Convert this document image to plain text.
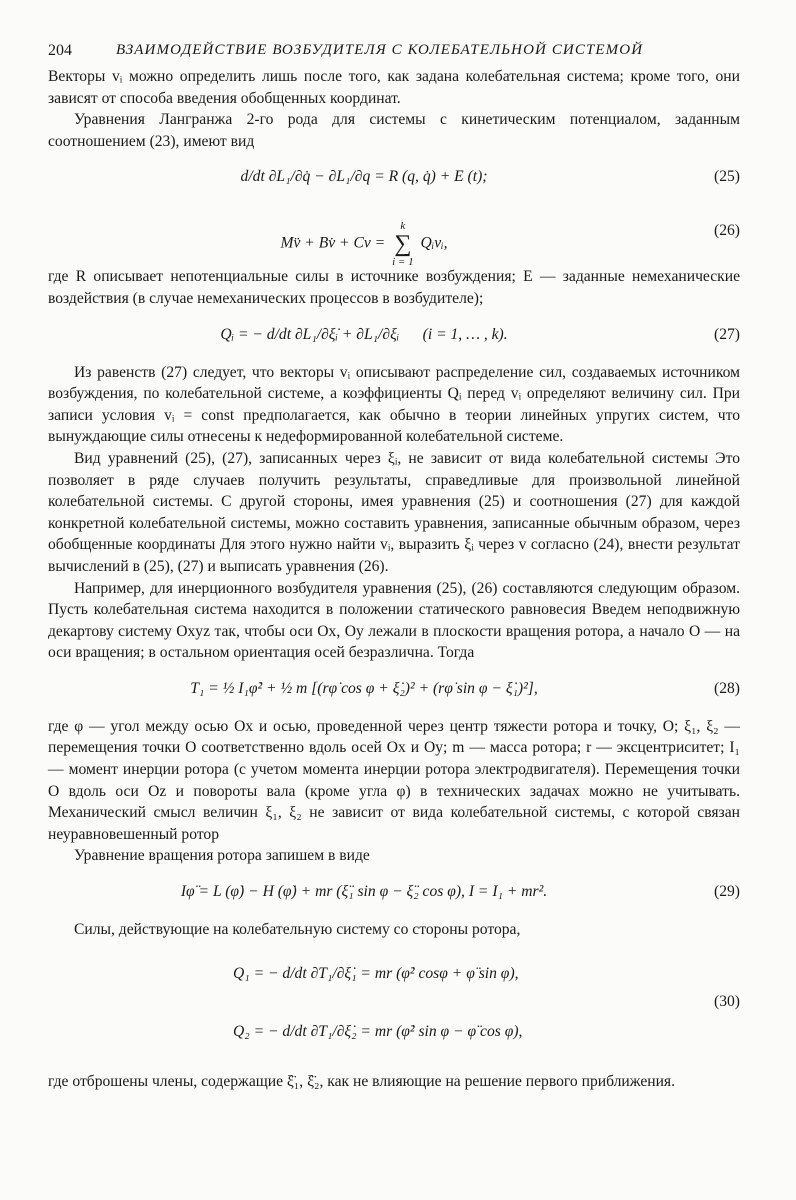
204	ВЗАИМОДЕЙСТВИЕ ВОЗБУДИТЕЛЯ С КОЛЕБАТЕЛЬНОЙ СИСТЕМОЙ

Векторы vᵢ можно определить лишь после того, как задана колебательная система; кроме того, они зависят от способа введения обобщенных координат.

Уравнения Лангранжа 2-го рода для системы с кинетическим потенциалом, заданным соотношением (23), имеют вид

d/dt ∂L₁/∂q̇ − ∂L₁/∂q = R (q, q̇) + E (t);	(25)
Mv̈ + Bv̇ + Cv =
k
∑
i = 1
Qᵢvᵢ,
(26)

где R описывает непотенциальные силы в источнике возбуждения; E — заданные немеханические воздействия (в случае немеханических процессов в возбудителе);

Qᵢ = − d/dt ∂L₁/∂ξ̇ᵢ + ∂L₁/∂ξᵢ (i = 1, … , k).	(27)

Из равенств (27) следует, что векторы vᵢ описывают распределение сил, создаваемых источником возбуждения, по колебательной системе, а коэффициенты Qᵢ перед vᵢ определяют величину сил. При записи условия vᵢ = const предполагается, как обычно в теории линейных упругих систем, что вынуждающие силы отнесены к недеформированной колебательной системе.

Вид уравнений (25), (27), записанных через ξᵢ, не зависит от вида колебательной системы Это позволяет в ряде случаев получить результаты, справедливые для произвольной линейной колебательной системы. С другой стороны, имея уравнения (25) и соотношения (27) для каждой конкретной колебательной системы, можно составить уравнения, записанные обычным образом, через обобщенные координаты Для этого нужно найти vᵢ, выразить ξᵢ через v согласно (24), внести результат вычислений в (25), (27) и выписать уравнения (26).

Например, для инерционного возбудителя уравнения (25), (26) составляются следующим образом. Пусть колебательная система находится в положении статического равновесия Введем неподвижную декартову систему Oxyz так, чтобы оси Ox, Oy лежали в плоскости вращения ротора, а начало O — на оси вращения; в остальном ориентация осей безразлична. Тогда

T₁ = ½ I₁φ̇² + ½ m [(rφ̇ cos φ + ξ̇₂)² + (rφ̇ sin φ − ξ̇₁)²],	(28)

где φ — угол между осью Ox и осью, проведенной через центр тяжести ротора и точку, O; ξ₁, ξ₂ — перемещения точки O соответственно вдоль осей Ox и Oy; m — масса ротора; r — эксцентриситет; I₁ — момент инерции ротора (с учетом момента инерции ротора электродвигателя). Перемещения точки O вдоль оси Oz и повороты вала (кроме угла φ) в технических задачах можно не учитывать. Механический смысл величин ξ₁, ξ₂ не зависит от вида колебательной системы, с которой связан неуравновешенный ротор

Уравнение вращения ротора запишем в виде

Iφ̈ = L (φ̇) − H (φ̇) + mr (ξ̈₁ sin φ − ξ̈₂ cos φ), I = I₁ + mr².	(29)

Силы, действующие на колебательную систему со стороны ротора,

Q₁ = − d/dt ∂T₁/∂ξ̇₁ = mr (φ̇² cosφ + φ̈ sin φ),
Q₂ = − d/dt ∂T₁/∂ξ̇₂ = mr (φ̇² sin φ − φ̈ cos φ),
(30)

где отброшены члены, содержащие ξ̈₁, ξ̈₂, как не влияющие на решение первого приближения.
